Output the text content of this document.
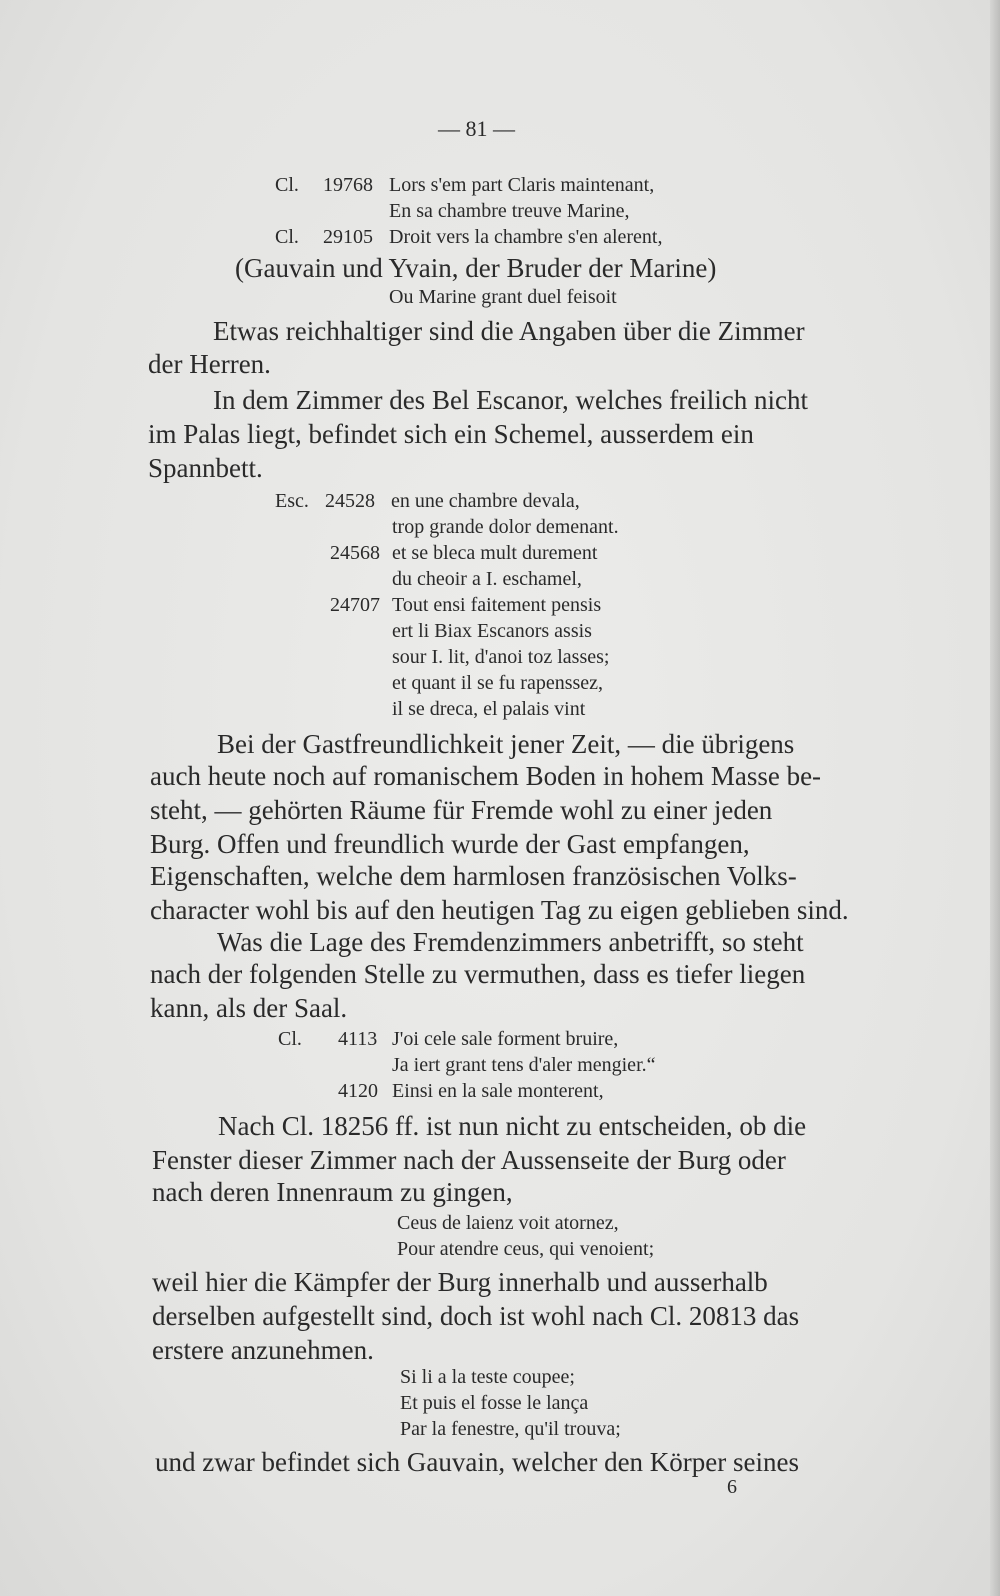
— 81 —
Cl. 19768 Lors s'em part Claris maintenant,
En sa chambre treuve Marine,
Cl. 29105 Droit vers la chambre s'en alerent,
(Gauvain und Yvain, der Bruder der Marine)
Ou Marine grant duel feisoit
Etwas reichhaltiger sind die Angaben über die Zimmer
der Herren.
In dem Zimmer des Bel Escanor, welches freilich nicht
im Palas liegt, befindet sich ein Schemel, ausserdem ein
Spannbett.
Esc. 24528 en une chambre devala,
trop grande dolor demenant.
24568 et se bleca mult durement
du cheoir a I. eschamel,
24707 Tout ensi faitement pensis
ert li Biax Escanors assis
sour I. lit, d'anoi toz lasses;
et quant il se fu rapenssez,
il se dreca, el palais vint
Bei der Gastfreundlichkeit jener Zeit, — die übrigens
auch heute noch auf romanischem Boden in hohem Masse be-
steht, — gehörten Räume für Fremde wohl zu einer jeden
Burg. Offen und freundlich wurde der Gast empfangen,
Eigenschaften, welche dem harmlosen französischen Volks-
character wohl bis auf den heutigen Tag zu eigen geblieben sind.
Was die Lage des Fremdenzimmers anbetrifft, so steht
nach der folgenden Stelle zu vermuthen, dass es tiefer liegen
kann, als der Saal.
Cl. 4113 J'oi cele sale forment bruire,
Ja iert grant tens d'aler mengier.“
4120 Einsi en la sale monterent,
Nach Cl. 18256 ff. ist nun nicht zu entscheiden, ob die
Fenster dieser Zimmer nach der Aussenseite der Burg oder
nach deren Innenraum zu gingen,
Ceus de laienz voit atornez,
Pour atendre ceus, qui venoient;
weil hier die Kämpfer der Burg innerhalb und ausserhalb
derselben aufgestellt sind, doch ist wohl nach Cl. 20813 das
erstere anzunehmen.
Si li a la teste coupee;
Et puis el fosse le lança
Par la fenestre, qu'il trouva;
und zwar befindet sich Gauvain, welcher den Körper seines
6
